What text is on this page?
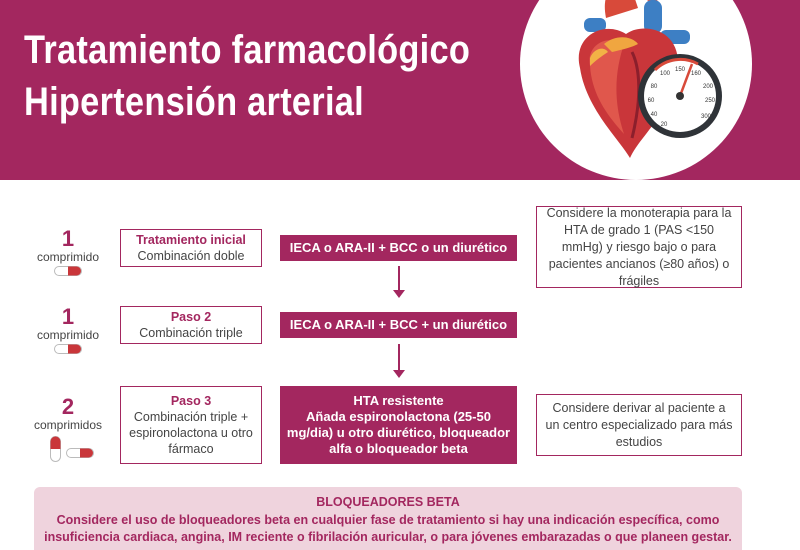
Tratamiento farmacológico
Hipertensión arterial
150
160
200
250
300
100
80
60
40
20
1
comprimido
Tratamiento inicial
Combinación doble
IECA o ARA-II + BCC o un diurético
Considere la monoterapia para la HTA de grado 1 (PAS <150 mmHg) y riesgo bajo o para pacientes ancianos (≥80 años) o frágiles
1
comprimido
Paso 2
Combinación triple
IECA o ARA-II + BCC + un diurético
2
comprimidos
Paso 3
Combinación triple + espironolactona u otro fármaco
HTA resistente
Añada espironolactona (25-50 mg/dia) u otro diurético, bloqueador alfa o bloqueador beta
Considere derivar al paciente a un centro especializado para más estudios
BLOQUEADORES BETA
Considere el uso de bloqueadores beta en cualquier fase de tratamiento si hay una indicación específica, como insuficiencia cardiaca, angina, IM reciente o fibrilación auricular, o para jóvenes embarazadas o que planeen gestar.
